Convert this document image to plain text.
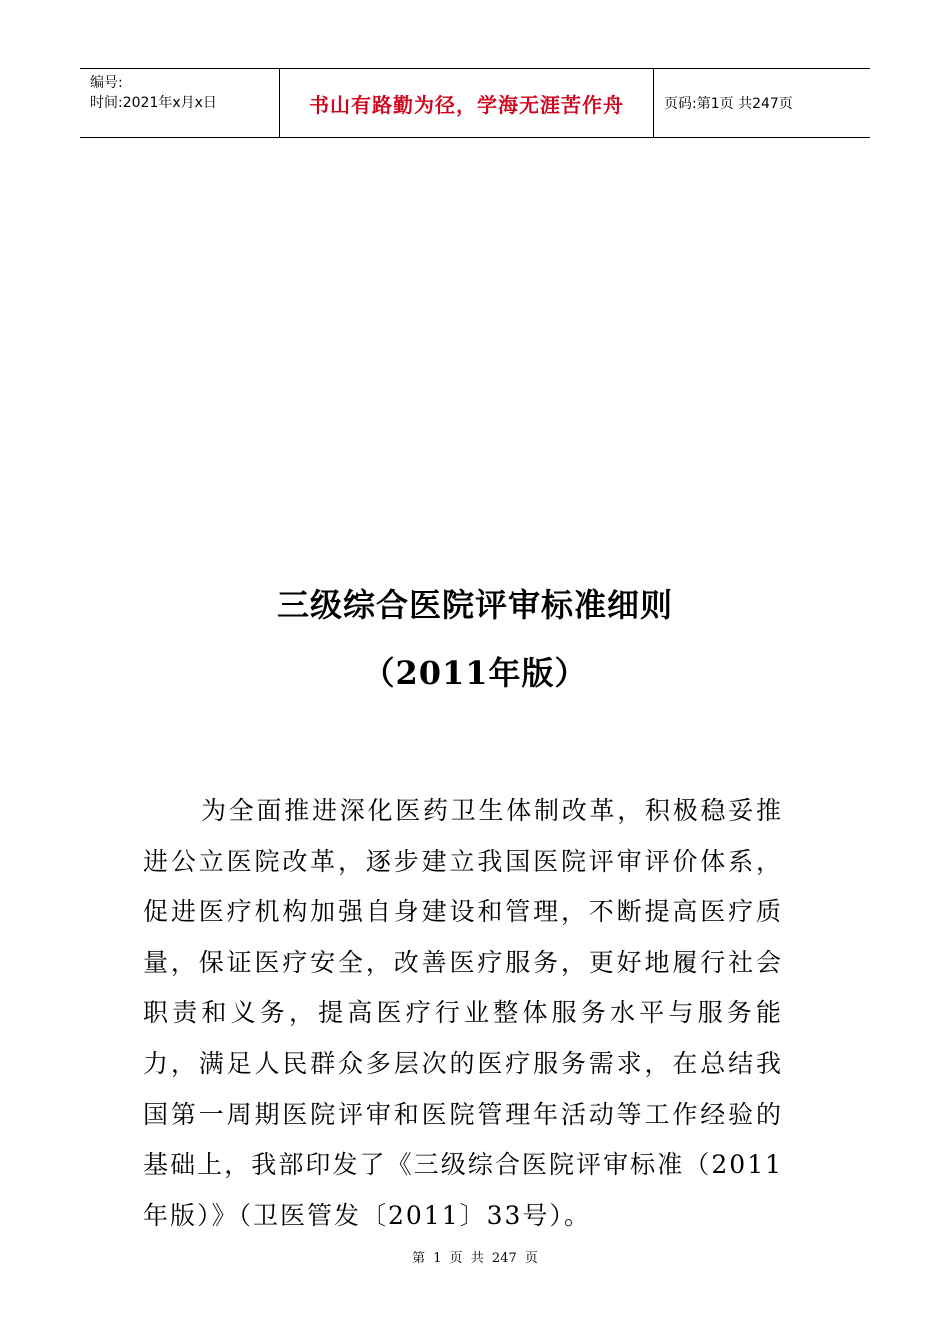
编号:
时间:2021年x月x日	书山有路勤为径，学海无涯苦作舟	页码:第1页 共247页
三级综合医院评审标准细则
（2011年版）

为全面推进深化医药卫生体制改革，积极稳妥推进公立医院改革，逐步建立我国医院评审评价体系，促进医疗机构加强自身建设和管理，不断提高医疗质量，保证医疗安全，改善医疗服务，更好地履行社会职责和义务，提高医疗行业整体服务水平与服务能力，满足人民群众多层次的医疗服务需求，在总结我国第一周期医院评审和医院管理年活动等工作经验的基础上，我部印发了《三级综合医院评审标准（2011年版）》（卫医管发〔2011〕33号）。

第 1 页 共 247 页
